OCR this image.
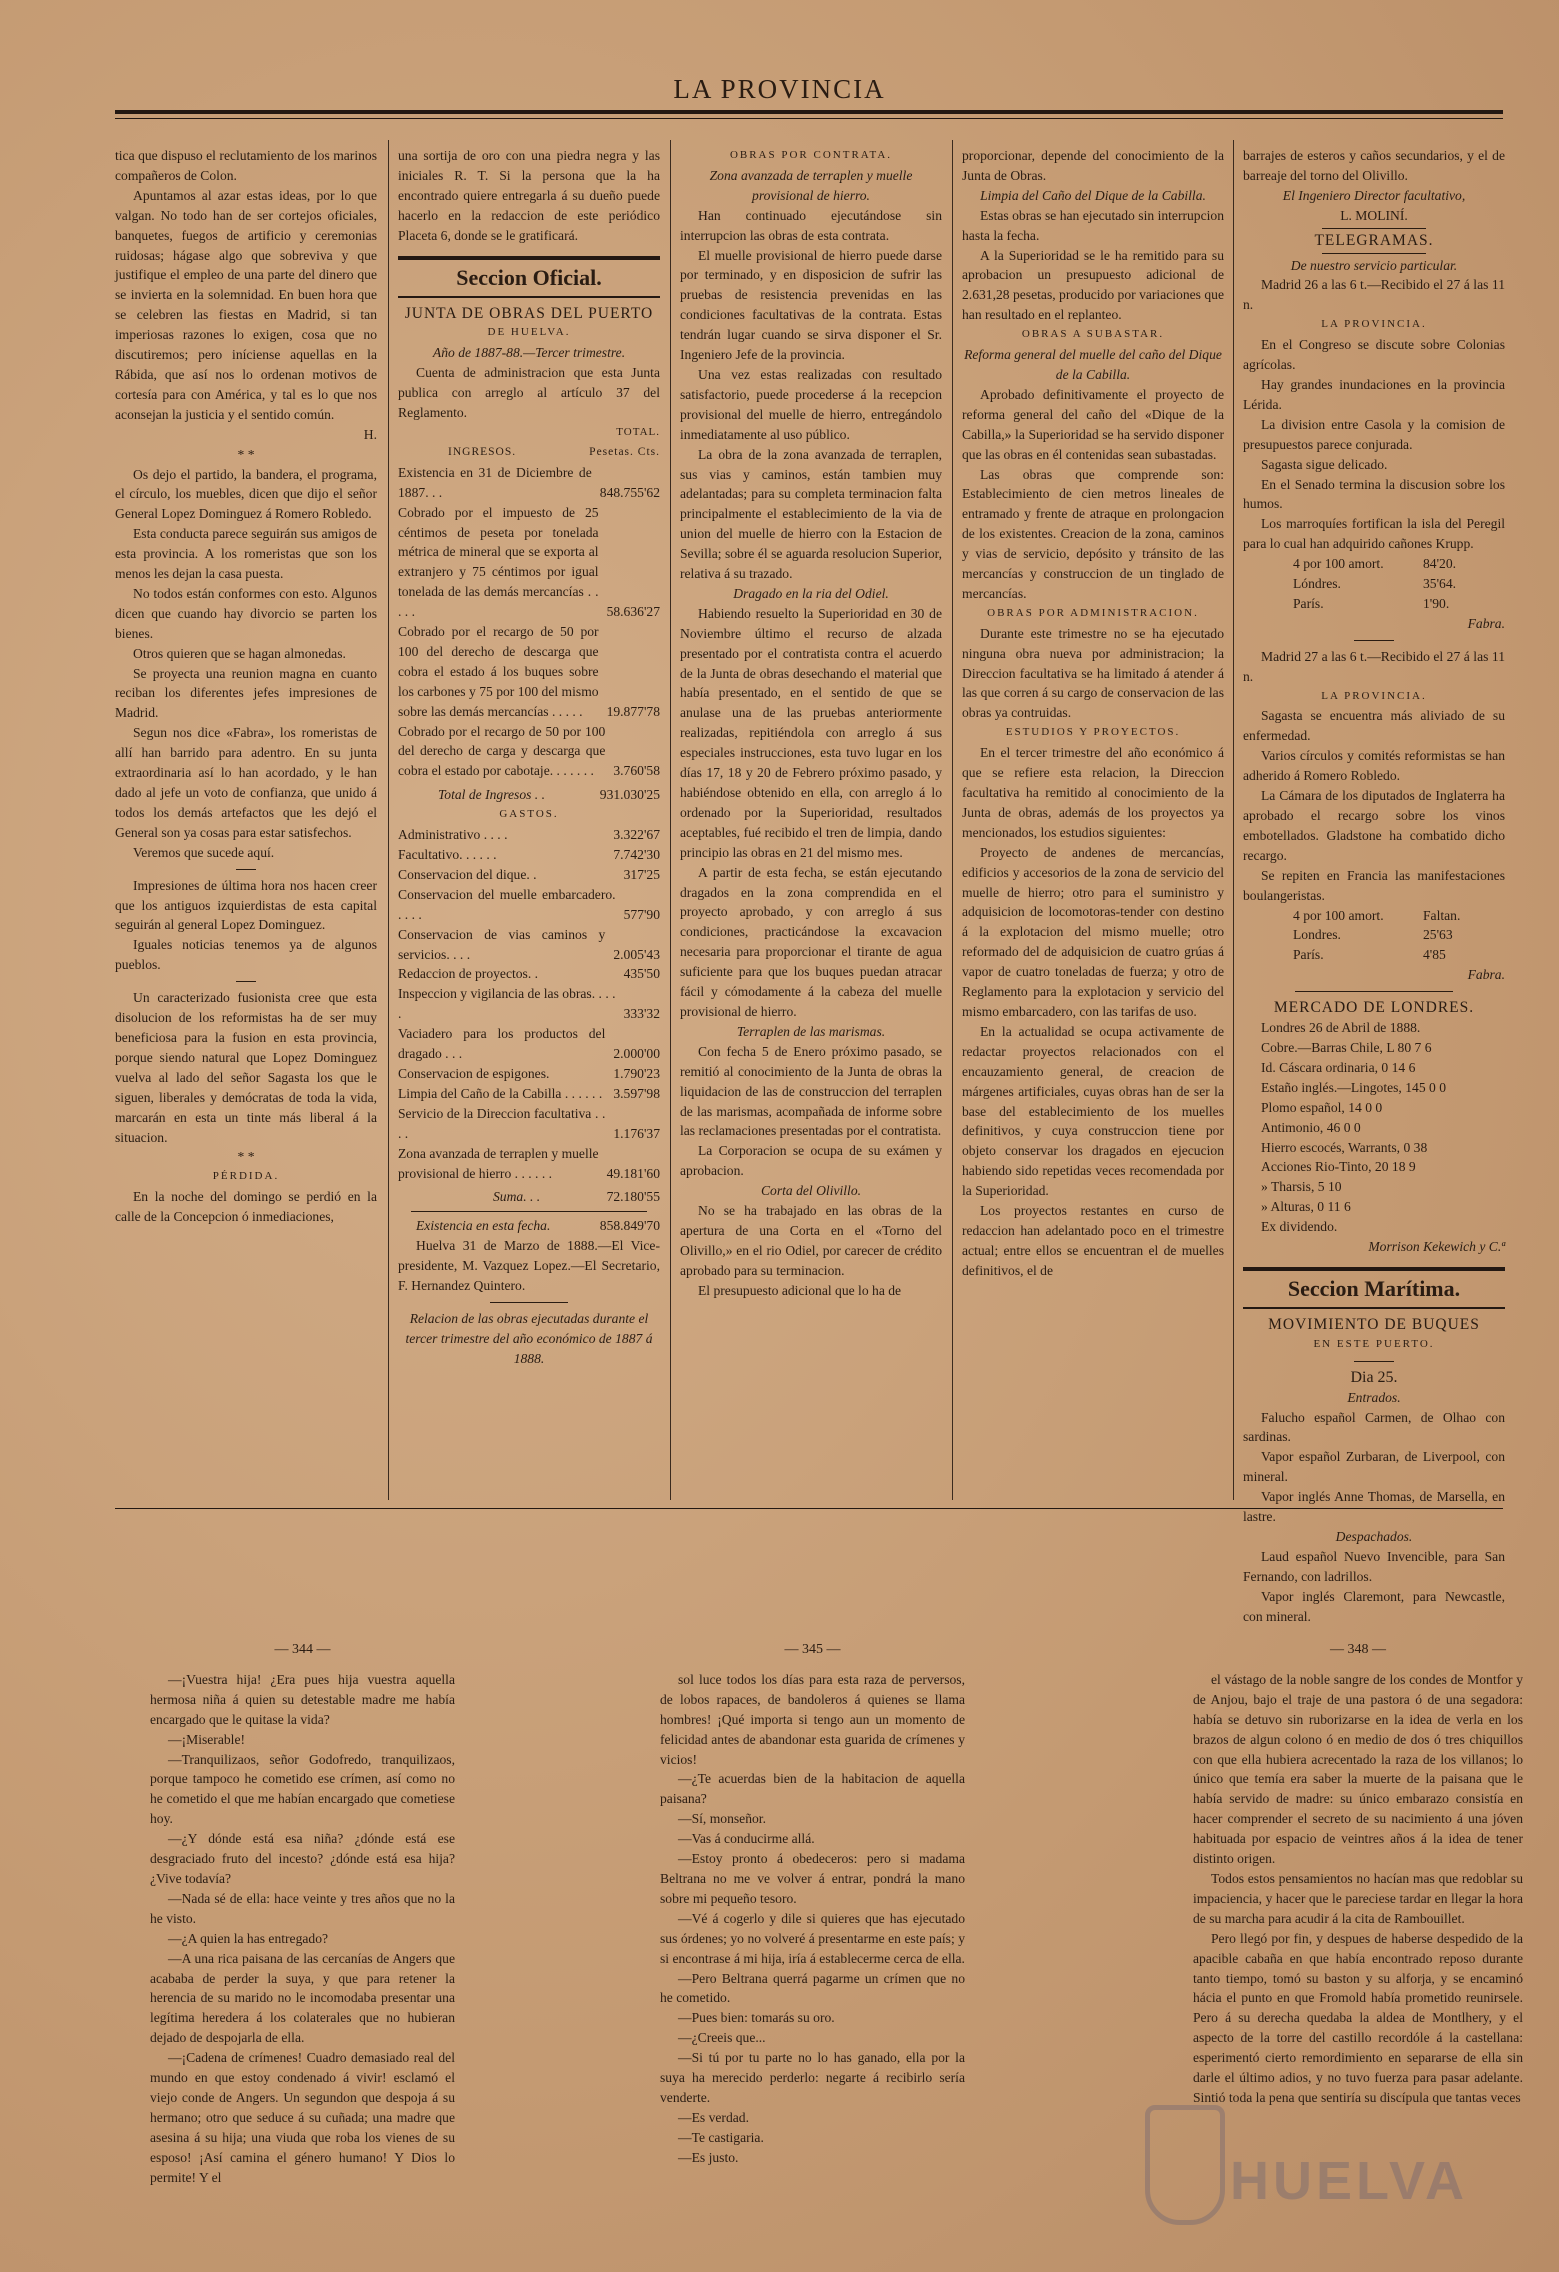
LA PROVINCIA

tica que dispuso el reclutamiento de los marinos compañeros de Colon.

Apuntamos al azar estas ideas, por lo que valgan. No todo han de ser cortejos oficiales, banquetes, fuegos de artificio y ceremonias ruidosas; hágase algo que sobreviva y que justifique el empleo de una parte del dinero que se invierta en la solemnidad. En buen hora que se celebren las fiestas en Madrid, si tan imperiosas razones lo exigen, cosa que no discutiremos; pero iníciense aquellas en la Rábida, que así nos lo ordenan motivos de cortesía para con América, y tal es lo que nos aconsejan la justicia y el sentido común.

H.

* *

Os dejo el partido, la bandera, el programa, el círculo, los muebles, dicen que dijo el señor General Lopez Dominguez á Romero Robledo.

Esta conducta parece seguirán sus amigos de esta provincia. A los romeristas que son los menos les dejan la casa puesta.

No todos están conformes con esto. Algunos dicen que cuando hay divorcio se parten los bienes.

Otros quieren que se hagan almonedas.

Se proyecta una reunion magna en cuanto reciban los diferentes jefes impresiones de Madrid.

Segun nos dice «Fabra», los romeristas de allí han barrido para adentro. En su junta extraordinaria así lo han acordado, y le han dado al jefe un voto de confianza, que unido á todos los demás artefactos que les dejó el General son ya cosas para estar satisfechos.

Veremos que sucede aquí.

Impresiones de última hora nos hacen creer que los antiguos izquierdistas de esta capital seguirán al general Lopez Dominguez.

Iguales noticias tenemos ya de algunos pueblos.

Un caracterizado fusionista cree que esta disolucion de los reformistas ha de ser muy beneficiosa para la fusion en esta provincia, porque siendo natural que Lopez Dominguez vuelva al lado del señor Sagasta los que le siguen, liberales y demócratas de toda la vida, marcarán en esta un tinte más liberal á la situacion.

* *

PÉRDIDA.

En la noche del domingo se perdió en la calle de la Concepcion ó inmediaciones,

una sortija de oro con una piedra negra y las iniciales R. T. Si la persona que la ha encontrado quiere entregarla á su dueño puede hacerlo en la redaccion de este periódico Placeta 6, donde se le gratificará.

Seccion Oficial.

JUNTA DE OBRAS DEL PUERTO

DE HUELVA.

Año de 1887-88.—Tercer trimestre.

Cuenta de administracion que esta Junta publica con arreglo al artículo 37 del Reglamento.

TOTAL.

INGRESOS.	Pesetas. Cts.
Existencia en 31 de Diciembre de 1887. . .	848.755'62
Cobrado por el impuesto de 25 céntimos de peseta por tonelada métrica de mineral que se exporta al extranjero y 75 céntimos por igual tonelada de las demás mercancías . . . . .	58.636'27
Cobrado por el recargo de 50 por 100 del derecho de descarga que cobra el estado á los buques sobre los carbones y 75 por 100 del mismo sobre las demás mercancías . . . . .	19.877'78
Cobrado por el recargo de 50 por 100 del derecho de carga y descarga que cobra el estado por cabotaje. . . . . . .	3.760'58
Total de Ingresos . .	931.030'25

GASTOS.

Administrativo . . . .	3.322'67
Facultativo. . . . . .	7.742'30
Conservacion del dique. .	317'25
Conservacion del muelle embarcadero. . . . .	577'90
Conservacion de vias caminos y servicios. . . .	2.005'43
Redaccion de proyectos. .	435'50
Inspeccion y vigilancia de las obras. . . . .	333'32
Vaciadero para los productos del dragado . . .	2.000'00
Conservacion de espigones.	1.790'23
Limpia del Caño de la Cabilla . . . . . . 3.597'98
Servicio de la Direccion facultativa . . . .	1.176'37
Zona avanzada de terraplen y muelle provisional de hierro . . . . . .	49.181'60
Suma. . .	72.180'55
Existencia en esta fecha.	858.849'70

Huelva 31 de Marzo de 1888.—El Vice-presidente, M. Vazquez Lopez.—El Secretario, F. Hernandez Quintero.

Relacion de las obras ejecutadas durante el tercer trimestre del año económico de 1887 á 1888.

OBRAS POR CONTRATA.

Zona avanzada de terraplen y muelle provisional de hierro.

Han continuado ejecutándose sin interrupcion las obras de esta contrata.

El muelle provisional de hierro puede darse por terminado, y en disposicion de sufrir las pruebas de resistencia prevenidas en las condiciones facultativas de la contrata. Estas tendrán lugar cuando se sirva disponer el Sr. Ingeniero Jefe de la provincia.

Una vez estas realizadas con resultado satisfactorio, puede procederse á la recepcion provisional del muelle de hierro, entregándolo inmediatamente al uso público.

La obra de la zona avanzada de terraplen, sus vias y caminos, están tambien muy adelantadas; para su completa terminacion falta principalmente el establecimiento de la via de union del muelle de hierro con la Estacion de Sevilla; sobre él se aguarda resolucion Superior, relativa á su trazado.

Dragado en la ria del Odiel.

Habiendo resuelto la Superioridad en 30 de Noviembre último el recurso de alzada presentado por el contratista contra el acuerdo de la Junta de obras desechando el material que había presentado, en el sentido de que se anulase una de las pruebas anteriormente realizadas, repitiéndola con arreglo á sus especiales instrucciones, esta tuvo lugar en los días 17, 18 y 20 de Febrero próximo pasado, y habiéndose obtenido en ella, con arreglo á lo ordenado por la Superioridad, resultados aceptables, fué recibido el tren de limpia, dando principio las obras en 21 del mismo mes.

A partir de esta fecha, se están ejecutando dragados en la zona comprendida en el proyecto aprobado, y con arreglo á sus condiciones, practicándose la excavacion necesaria para proporcionar el tirante de agua suficiente para que los buques puedan atracar fácil y cómodamente á la cabeza del muelle provisional de hierro.

Terraplen de las marismas.

Con fecha 5 de Enero próximo pasado, se remitió al conocimiento de la Junta de obras la liquidacion de las de construccion del terraplen de las marismas, acompañada de informe sobre las reclamaciones presentadas por el contratista.

La Corporacion se ocupa de su exámen y aprobacion.

Corta del Olivillo.

No se ha trabajado en las obras de la apertura de una Corta en el «Torno del Olivillo,» en el rio Odiel, por carecer de crédito aprobado para su terminacion.

El presupuesto adicional que lo ha de

proporcionar, depende del conocimiento de la Junta de Obras.

Limpia del Caño del Dique de la Cabilla.

Estas obras se han ejecutado sin interrupcion hasta la fecha.

A la Superioridad se le ha remitido para su aprobacion un presupuesto adicional de 2.631,28 pesetas, producido por variaciones que han resultado en el replanteo.

OBRAS A SUBASTAR.

Reforma general del muelle del caño del Dique de la Cabilla.

Aprobado definitivamente el proyecto de reforma general del caño del «Dique de la Cabilla,» la Superioridad se ha servido disponer que las obras en él contenidas sean subastadas.

Las obras que comprende son: Establecimiento de cien metros lineales de entramado y frente de atraque en prolongacion de los existentes. Creacion de la zona, caminos y vias de servicio, depósito y tránsito de las mercancías y construccion de un tinglado de mercancías.

OBRAS POR ADMINISTRACION.

Durante este trimestre no se ha ejecutado ninguna obra nueva por administracion; la Direccion facultativa se ha limitado á atender á las que corren á su cargo de conservacion de las obras ya contruidas.

ESTUDIOS Y PROYECTOS.

En el tercer trimestre del año económico á que se refiere esta relacion, la Direccion facultativa ha remitido al conocimiento de la Junta de obras, además de los proyectos ya mencionados, los estudios siguientes:

Proyecto de andenes de mercancías, edificios y accesorios de la zona de servicio del muelle de hierro; otro para el suministro y adquisicion de locomotoras-tender con destino á la explotacion del mismo muelle; otro reformado del de adquisicion de cuatro grúas á vapor de cuatro toneladas de fuerza; y otro de Reglamento para la explotacion y servicio del mismo embarcadero, con las tarifas de uso.

En la actualidad se ocupa activamente de redactar proyectos relacionados con el encauzamiento general, de creacion de márgenes artificiales, cuyas obras han de ser la base del establecimiento de los muelles definitivos, y cuya construccion tiene por objeto conservar los dragados en ejecucion habiendo sido repetidas veces recomendada por la Superioridad.

Los proyectos restantes en curso de redaccion han adelantado poco en el trimestre actual; entre ellos se encuentran el de muelles definitivos, el de

barrajes de esteros y caños secundarios, y el de barreaje del torno del Olivillo.

El Ingeniero Director facultativo,

L. MOLINÍ.

TELEGRAMAS.

De nuestro servicio particular.

Madrid 26 a las 6 t.—Recibido el 27 á las 11 n.

LA PROVINCIA.

En el Congreso se discute sobre Colonias agrícolas.

Hay grandes inundaciones en la provincia Lérida.

La division entre Casola y la comision de presupuestos parece conjurada.

Sagasta sigue delicado.

En el Senado termina la discusion sobre los humos.

Los marroquíes fortifican la isla del Peregil para lo cual han adquirido cañones Krupp.

4 por 100 amort.	84'20.
Lóndres.	35'64.
París.	1'90.

Fabra.

Madrid 27 a las 6 t.—Recibido el 27 á las 11 n.

LA PROVINCIA.

Sagasta se encuentra más aliviado de su enfermedad.

Varios círculos y comités reformistas se han adherido á Romero Robledo.

La Cámara de los diputados de Inglaterra ha aprobado el recargo sobre los vinos embotellados. Gladstone ha combatido dicho recargo.

Se repiten en Francia las manifestaciones boulangeristas.

4 por 100 amort.	Faltan.
Londres.	25'63
París.	4'85

Fabra.

MERCADO DE LONDRES.

Londres 26 de Abril de 1888.

Cobre.—Barras Chile, L 80 7 6

Id. Cáscara ordinaria, 0 14 6

Estaño inglés.—Lingotes, 145 0 0

Plomo español, 14 0 0

Antimonio, 46 0 0

Hierro escocés, Warrants, 0 38

Acciones Rio-Tinto, 20 18 9

» Tharsis, 5 10

» Alturas, 0 11 6

Ex dividendo.

Morrison Kekewich y C.ª

Seccion Marítima.

MOVIMIENTO DE BUQUES

EN ESTE PUERTO.

Dia 25.

Entrados.

Falucho español Carmen, de Olhao con sardinas.

Vapor español Zurbaran, de Liverpool, con mineral.

Vapor inglés Anne Thomas, de Marsella, en lastre.

Despachados.

Laud español Nuevo Invencible, para San Fernando, con ladrillos.

Vapor inglés Claremont, para Newcastle, con mineral.

— 344 —

—¡Vuestra hija! ¿Era pues hija vuestra aquella hermosa niña á quien su detestable madre me había encargado que le quitase la vida?

—¡Miserable!

—Tranquilizaos, señor Godofredo, tranquilizaos, porque tampoco he cometido ese crímen, así como no he cometido el que me habían encargado que cometiese hoy.

—¿Y dónde está esa niña? ¿dónde está ese desgraciado fruto del incesto? ¿dónde está esa hija? ¿Vive todavía?

—Nada sé de ella: hace veinte y tres años que no la he visto.

—¿A quien la has entregado?

—A una rica paisana de las cercanías de Angers que acababa de perder la suya, y que para retener la herencia de su marido no le incomodaba presentar una legítima heredera á los colaterales que no hubieran dejado de despojarla de ella.

—¡Cadena de crímenes! Cuadro demasiado real del mundo en que estoy condenado á vivir! esclamó el viejo conde de Angers. Un segundon que despoja á su hermano; otro que seduce á su cuñada; una madre que asesina á su hija; una viuda que roba los vienes de su esposo! ¡Así camina el género humano! Y Dios lo permite! Y el

— 345 —

sol luce todos los días para esta raza de perversos, de lobos rapaces, de bandoleros á quienes se llama hombres! ¡Qué importa si tengo aun un momento de felicidad antes de abandonar esta guarida de crímenes y vicios!

—¿Te acuerdas bien de la habitacion de aquella paisana?

—Sí, monseñor.

—Vas á conducirme allá.

—Estoy pronto á obedeceros: pero si madama Beltrana no me ve volver á entrar, pondrá la mano sobre mi pequeño tesoro.

—Vé á cogerlo y dile si quieres que has ejecutado sus órdenes; yo no volveré á presentarme en este país; y si encontrase á mi hija, iría á establecerme cerca de ella.

—Pero Beltrana querrá pagarme un crímen que no he cometido.

—Pues bien: tomarás su oro.

—¿Creeis que...

—Si tú por tu parte no lo has ganado, ella por la suya ha merecido perderlo: negarte á recibirlo sería venderte.

—Es verdad.

—Te castigaria.

—Es justo.

— 348 —

el vástago de la noble sangre de los condes de Montfor y de Anjou, bajo el traje de una pastora ó de una segadora: había se detuvo sin ruborizarse en la idea de verla en los brazos de algun colono ó en medio de dos ó tres chiquillos con que ella hubiera acrecentado la raza de los villanos; lo único que temía era saber la muerte de la paisana que le había servido de madre: su único embarazo consistía en hacer comprender el secreto de su nacimiento á una jóven habituada por espacio de veintres años á la idea de tener distinto origen.

Todos estos pensamientos no hacían mas que redoblar su impaciencia, y hacer que le pareciese tardar en llegar la hora de su marcha para acudir á la cita de Rambouillet.

Pero llegó por fin, y despues de haberse despedido de la apacible cabaña en que había encontrado reposo durante tanto tiempo, tomó su baston y su alforja, y se encaminó hácia el punto en que Fromold había prometido reunirsele. Pero á su derecha quedaba la aldea de Montlhery, y el aspecto de la torre del castillo recordóle á la castellana: esperimentó cierto remordimiento en separarse de ella sin darle el último adios, y no tuvo fuerza para pasar adelante. Sintió toda la pena que sentiría su discípula que tantas veces

HUELVA
